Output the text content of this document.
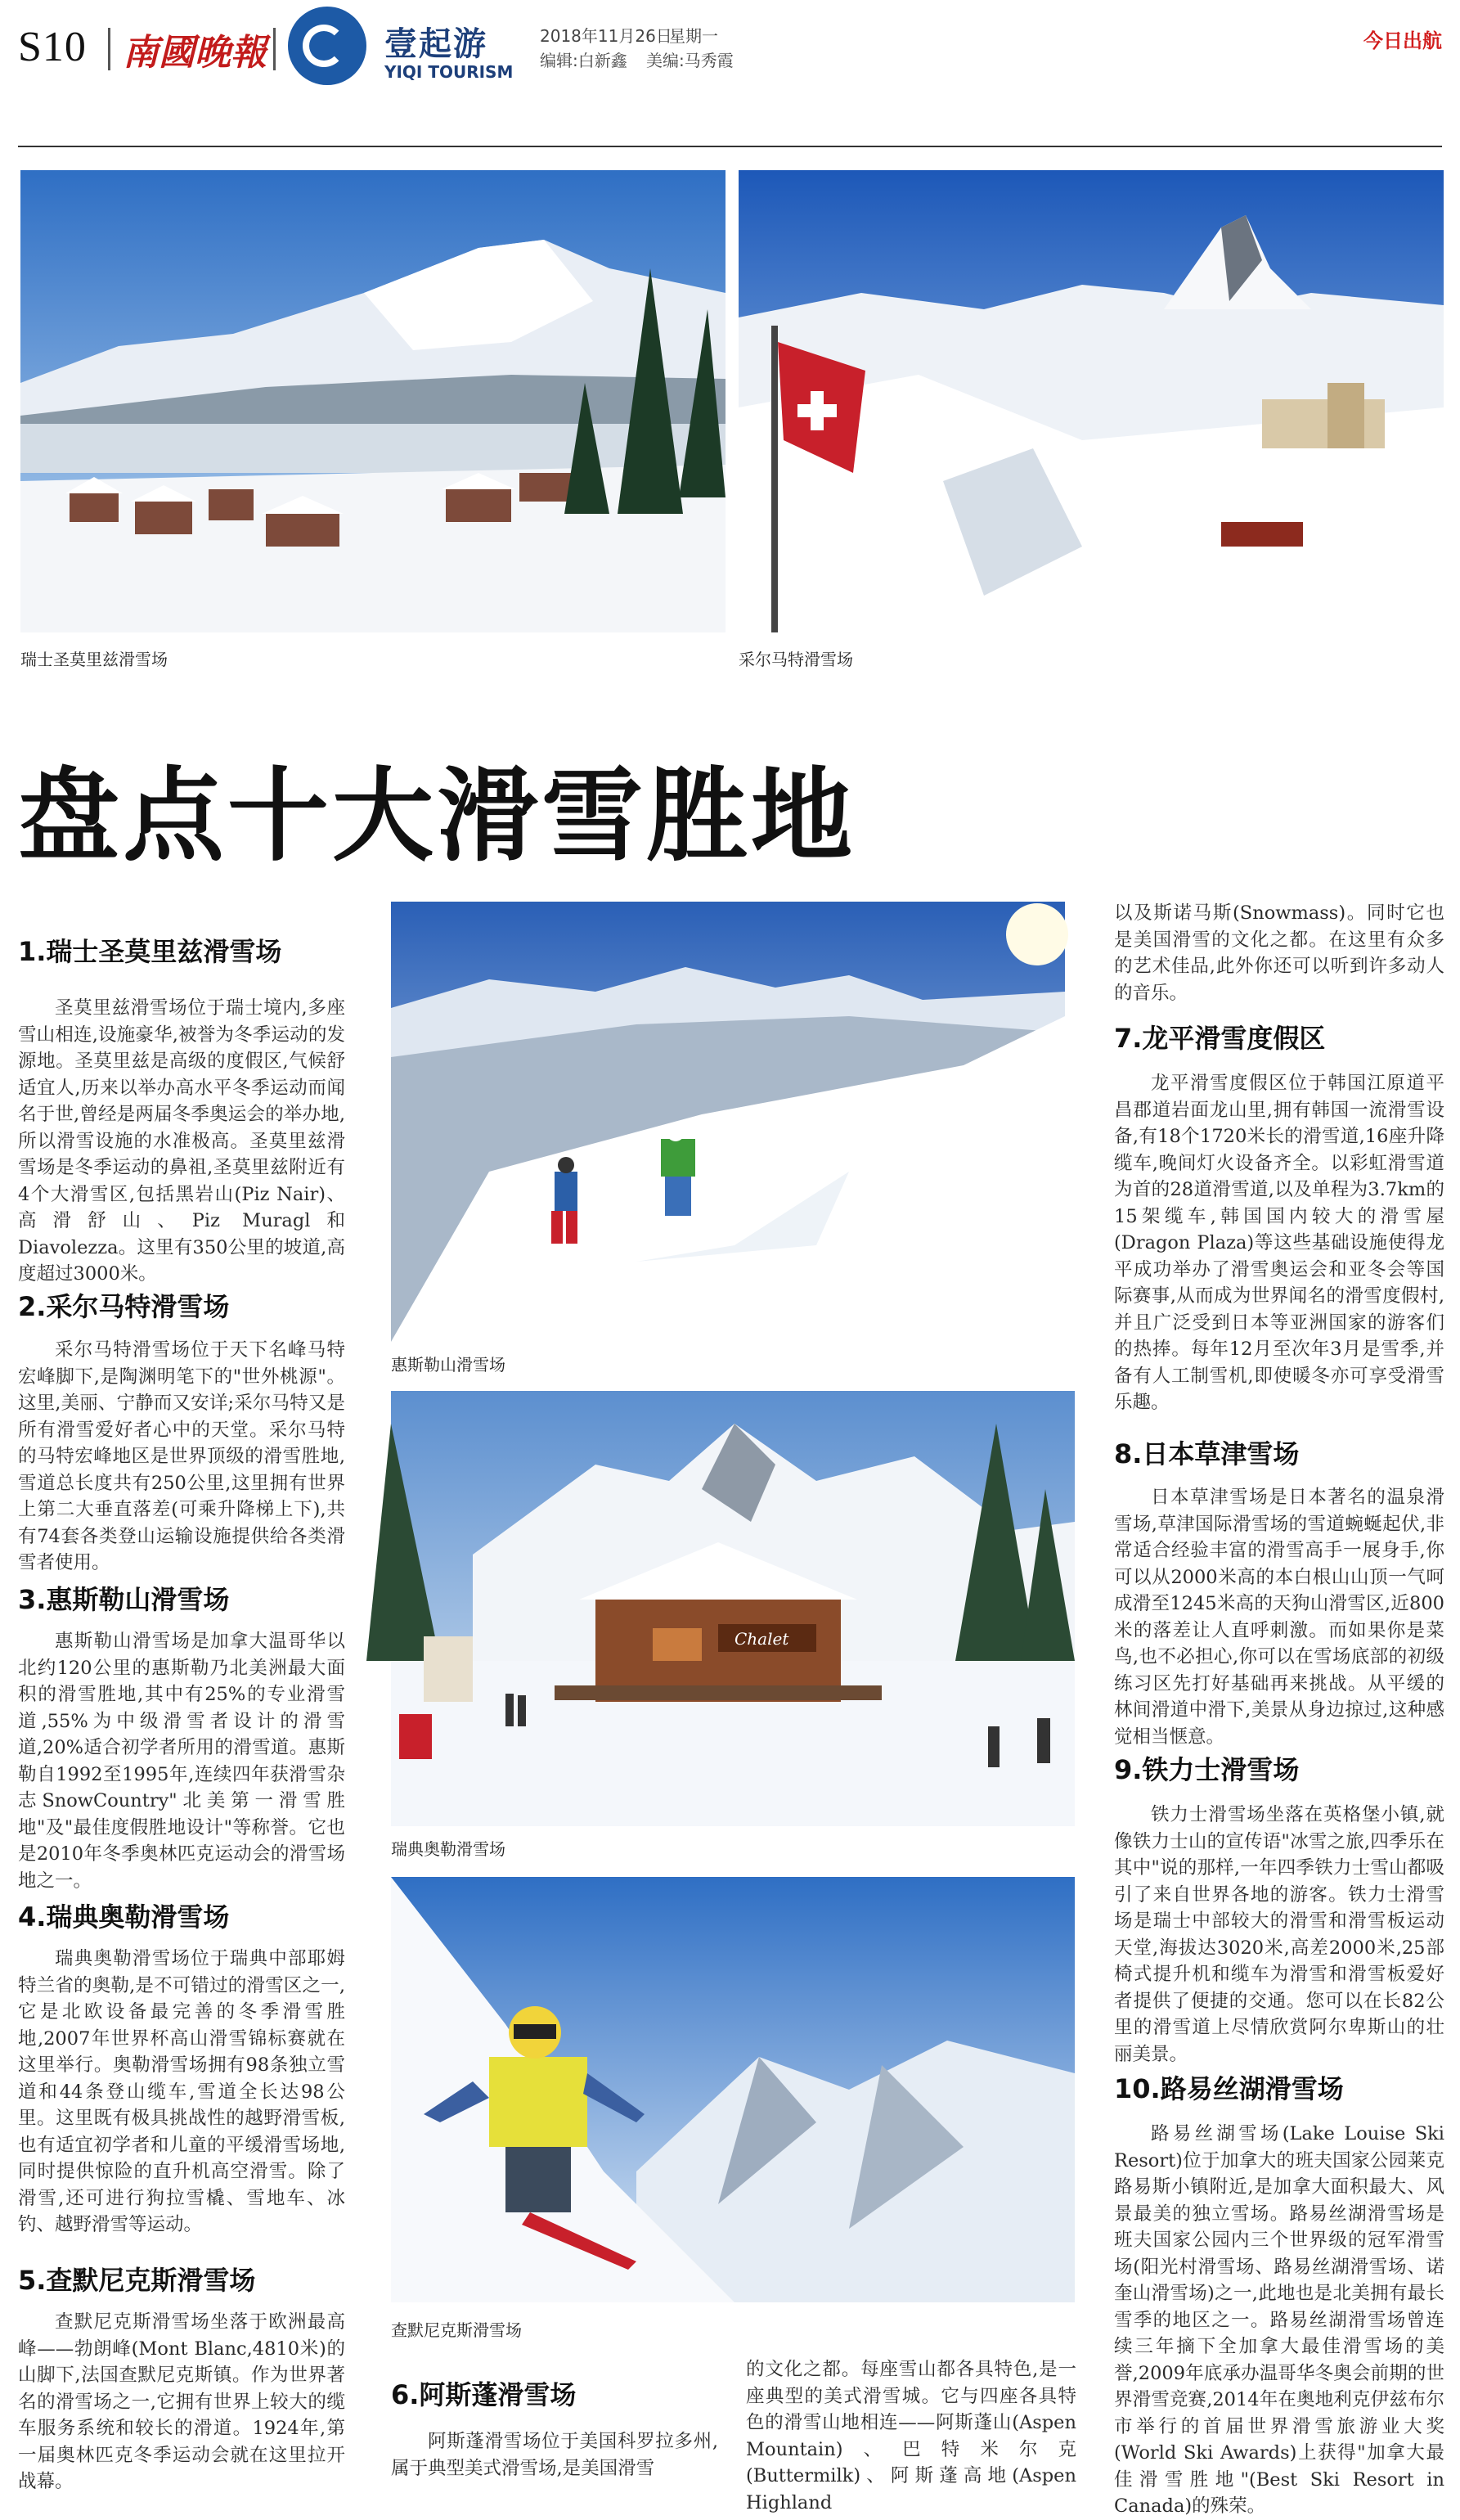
S10 南國晚報	壹起游
YIQI TOURISM
2018年11月26日
星期一
编辑:白新鑫 美编:马秀霞
今日出航
瑞士圣莫里兹滑雪场	采尔马特滑雪场
盘点十大滑雪胜地
1.瑞士圣莫里兹滑雪场
圣莫里兹滑雪场位于瑞士境内,多座雪山相连,设施豪华,被誉为冬季运动的发源地。圣莫里兹是高级的度假区,气候舒适宜人,历来以举办高水平冬季运动而闻名于世,曾经是两届冬季奥运会的举办地,所以滑雪设施的水准极高。圣莫里兹滑雪场是冬季运动的鼻祖,圣莫里兹附近有4个大滑雪区,包括黑岩山(Piz Nair)、高滑舒山、Piz Muragl和Diavolezza。这里有350公里的坡道,高度超过3000米。
2.采尔马特滑雪场
采尔马特滑雪场位于天下名峰马特宏峰脚下,是陶渊明笔下的"世外桃源"。这里,美丽、宁静而又安详;采尔马特又是所有滑雪爱好者心中的天堂。采尔马特的马特宏峰地区是世界顶级的滑雪胜地,雪道总长度共有250公里,这里拥有世界上第二大垂直落差(可乘升降梯上下),共有74套各类登山运输设施提供给各类滑雪者使用。
3.惠斯勒山滑雪场
惠斯勒山滑雪场是加拿大温哥华以北约120公里的惠斯勒乃北美洲最大面积的滑雪胜地,其中有25%的专业滑雪道,55%为中级滑雪者设计的滑雪道,20%适合初学者所用的滑雪道。惠斯勒自1992至1995年,连续四年获滑雪杂志SnowCountry"北美第一滑雪胜地"及"最佳度假胜地设计"等称誉。它也是2010年冬季奥林匹克运动会的滑雪场地之一。
4.瑞典奥勒滑雪场
瑞典奥勒滑雪场位于瑞典中部耶姆特兰省的奥勒,是不可错过的滑雪区之一,它是北欧设备最完善的冬季滑雪胜地,2007年世界杯高山滑雪锦标赛就在这里举行。奥勒滑雪场拥有98条独立雪道和44条登山缆车,雪道全长达98公里。这里既有极具挑战性的越野滑雪板,也有适宜初学者和儿童的平缓滑雪场地,同时提供惊险的直升机高空滑雪。除了滑雪,还可进行狗拉雪橇、雪地车、冰钓、越野滑雪等运动。
5.查默尼克斯滑雪场
查默尼克斯滑雪场坐落于欧洲最高峰——勃朗峰(Mont Blanc,4810米)的山脚下,法国查默尼克斯镇。作为世界著名的滑雪场之一,它拥有世界上较大的缆车服务系统和较长的滑道。1924年,第一届奥林匹克冬季运动会就在这里拉开战幕。
惠斯勒山滑雪场
Chalet
瑞典奥勒滑雪场
查默尼克斯滑雪场
6.阿斯蓬滑雪场
阿斯蓬滑雪场位于美国科罗拉多州,属于典型美式滑雪场,是美国滑雪
的文化之都。每座雪山都各具特色,是一座典型的美式滑雪城。它与四座各具特色的滑雪山地相连——阿斯蓬山(Aspen Mountain)、巴特米尔克(Buttermilk)、阿斯蓬高地(Aspen Highland
以及斯诺马斯(Snowmass)。同时它也是美国滑雪的文化之都。在这里有众多的艺术佳品,此外你还可以听到许多动人的音乐。
7.龙平滑雪度假区
龙平滑雪度假区位于韩国江原道平昌郡道岩面龙山里,拥有韩国一流滑雪设备,有18个1720米长的滑雪道,16座升降缆车,晚间灯火设备齐全。以彩虹滑雪道为首的28道滑雪道,以及单程为3.7km的15架缆车,韩国国内较大的滑雪屋(Dragon Plaza)等这些基础设施使得龙平成功举办了滑雪奥运会和亚冬会等国际赛事,从而成为世界闻名的滑雪度假村,并且广泛受到日本等亚洲国家的游客们的热捧。每年12月至次年3月是雪季,并备有人工制雪机,即使暖冬亦可享受滑雪乐趣。
8.日本草津雪场
日本草津雪场是日本著名的温泉滑雪场,草津国际滑雪场的雪道蜿蜒起伏,非常适合经验丰富的滑雪高手一展身手,你可以从2000米高的本白根山山顶一气呵成滑至1245米高的天狗山滑雪区,近800米的落差让人直呼刺激。而如果你是菜鸟,也不必担心,你可以在雪场底部的初级练习区先打好基础再来挑战。从平缓的林间滑道中滑下,美景从身边掠过,这种感觉相当惬意。
9.铁力士滑雪场
铁力士滑雪场坐落在英格堡小镇,就像铁力士山的宣传语"冰雪之旅,四季乐在其中"说的那样,一年四季铁力士雪山都吸引了来自世界各地的游客。铁力士滑雪场是瑞士中部较大的滑雪和滑雪板运动天堂,海拔达3020米,高差2000米,25部椅式提升机和缆车为滑雪和滑雪板爱好者提供了便捷的交通。您可以在长82公里的滑雪道上尽情欣赏阿尔卑斯山的壮丽美景。
10.路易丝湖滑雪场
路易丝湖雪场(Lake Louise Ski Resort)位于加拿大的班夫国家公园莱克路易斯小镇附近,是加拿大面积最大、风景最美的独立雪场。路易丝湖滑雪场是班夫国家公园内三个世界级的冠军滑雪场(阳光村滑雪场、路易丝湖滑雪场、诺奎山滑雪场)之一,此地也是北美拥有最长雪季的地区之一。路易丝湖滑雪场曾连续三年摘下全加拿大最佳滑雪场的美誉,2009年底承办温哥华冬奥会前期的世界滑雪竞赛,2014年在奥地利克伊兹布尔市举行的首届世界滑雪旅游业大奖(World Ski Awards)上获得"加拿大最佳滑雪胜地"(Best Ski Resort in Canada)的殊荣。
